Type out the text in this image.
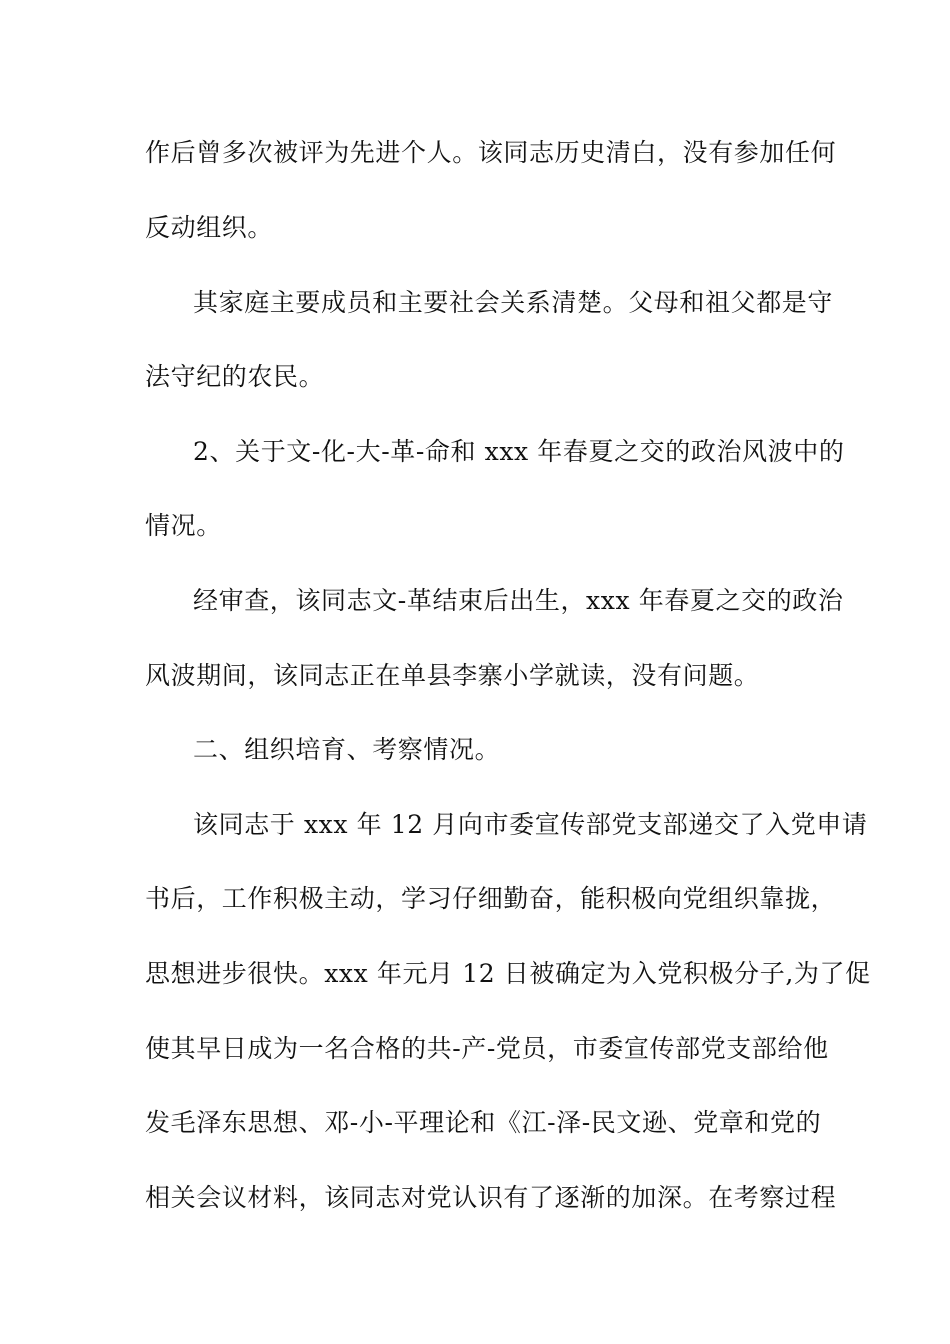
作后曾多次被评为先进个人。该同志历史清白，没有参加任何
反动组织。
其家庭主要成员和主要社会关系清楚。父母和祖父都是守
法守纪的农民。
2、关于文-化-大-革-命和 xxx 年春夏之交的政治风波中的
情况。
经审查，该同志文-革结束后出生，xxx 年春夏之交的政治
风波期间，该同志正在单县李寨小学就读，没有问题。
二、组织培育、考察情况。
该同志于 xxx 年 12 月向市委宣传部党支部递交了入党申请
书后，工作积极主动，学习仔细勤奋，能积极向党组织靠拢，
思想进步很快。xxx 年元月 12 日被确定为入党积极分子,为了促
使其早日成为一名合格的共-产-党员，市委宣传部党支部给他
发毛泽东思想、邓-小-平理论和《江-泽-民文逊、党章和党的
相关会议材料，该同志对党认识有了逐渐的加深。在考察过程
